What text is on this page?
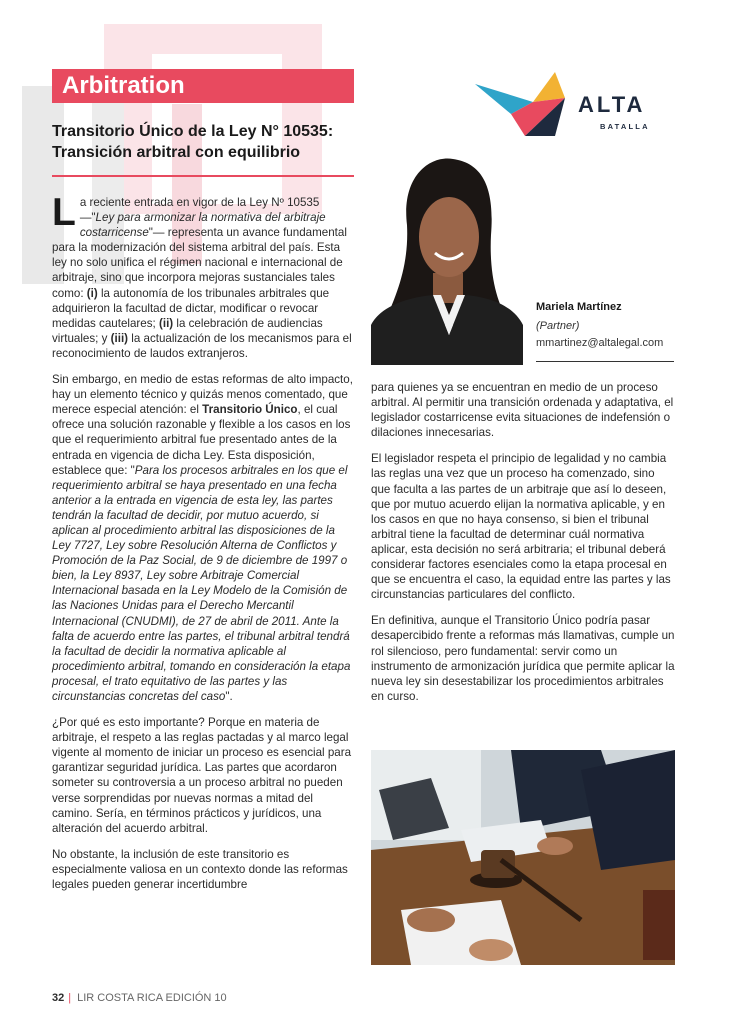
Arbitration
Transitorio Único de la Ley N° 10535:
Transición arbitral con equilibrio
ALTA
BATALLA
Mariela Martínez
(Partner)
mmartinez@altalegal.com

La reciente entrada en vigor de la Ley Nº 10535 —"Ley para armonizar la normativa del arbitraje costarricense"— representa un avance fundamental para la modernización del sistema arbitral del país. Esta ley no solo unifica el régimen nacional e internacional de arbitraje, sino que incorpora mejoras sustanciales tales como: (i) la autonomía de los tribunales arbitrales que adquirieron la facultad de dictar, modificar o revocar medidas cautelares; (ii) la celebración de audiencias virtuales; y (iii) la actualización de los mecanismos para el reconocimiento de laudos extranjeros.

Sin embargo, en medio de estas reformas de alto impacto, hay un elemento técnico y quizás menos comentado, que merece especial atención: el Transitorio Único, el cual ofrece una solución razonable y flexible a los casos en los que el requerimiento arbitral fue presentado antes de la entrada en vigencia de dicha Ley. Esta disposición, establece que: "Para los procesos arbitrales en los que el requerimiento arbitral se haya presentado en una fecha anterior a la entrada en vigencia de esta ley, las partes tendrán la facultad de decidir, por mutuo acuerdo, si aplican al procedimiento arbitral las disposiciones de la Ley 7727, Ley sobre Resolución Alterna de Conflictos y Promoción de la Paz Social, de 9 de diciembre de 1997 o bien, la Ley 8937, Ley sobre Arbitraje Comercial Internacional basada en la Ley Modelo de la Comisión de las Naciones Unidas para el Derecho Mercantil Internacional (CNUDMI), de 27 de abril de 2011. Ante la falta de acuerdo entre las partes, el tribunal arbitral tendrá la facultad de decidir la normativa aplicable al procedimiento arbitral, tomando en consideración la etapa procesal, el trato equitativo de las partes y las circunstancias concretas del caso".

¿Por qué es esto importante? Porque en materia de arbitraje, el respeto a las reglas pactadas y al marco legal vigente al momento de iniciar un proceso es esencial para garantizar seguridad jurídica. Las partes que acordaron someter su controversia a un proceso arbitral no pueden verse sorprendidas por nuevas normas a mitad del camino. Sería, en términos prácticos y jurídicos, una alteración del acuerdo arbitral.

No obstante, la inclusión de este transitorio es especialmente valiosa en un contexto donde las reformas legales pueden generar incertidumbre

para quienes ya se encuentran en medio de un proceso arbitral. Al permitir una transición ordenada y adaptativa, el legislador costarricense evita situaciones de indefensión o dilaciones innecesarias.

El legislador respeta el principio de legalidad y no cambia las reglas una vez que un proceso ha comenzado, sino que faculta a las partes de un arbitraje que así lo deseen, que por mutuo acuerdo elijan la normativa aplicable, y en los casos en que no haya consenso, si bien el tribunal arbitral tiene la facultad de determinar cuál normativa aplicar, esta decisión no será arbitraria; el tribunal deberá considerar factores esenciales como la etapa procesal en que se encuentra el caso, la equidad entre las partes y las circunstancias particulares del conflicto.

En definitiva, aunque el Transitorio Único podría pasar desapercibido frente a reformas más llamativas, cumple un rol silencioso, pero fundamental: servir como un instrumento de armonización jurídica que permite aplicar la nueva ley sin desestabilizar los procedimientos arbitrales en curso.

32 | LIR COSTA RICA EDICIÓN 10
